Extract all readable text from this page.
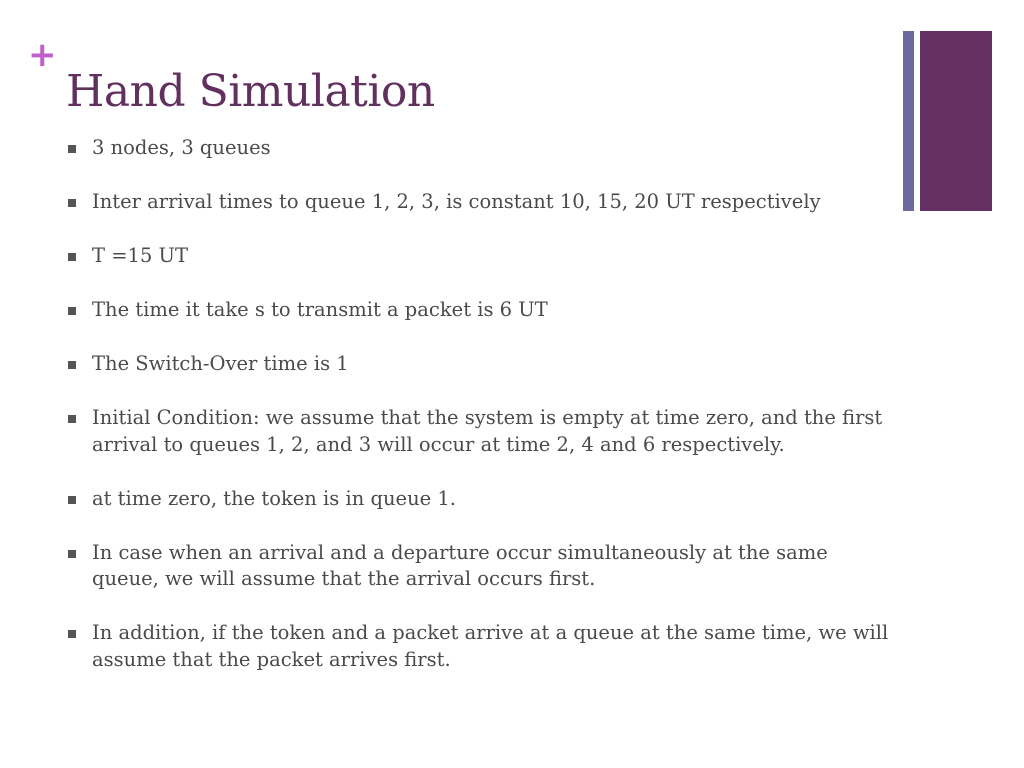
+
Hand Simulation
3 nodes, 3 queues
Inter arrival times to queue 1, 2, 3, is constant 10, 15, 20 UT respectively
T =15 UT
The time it take s to transmit a packet is 6 UT
The Switch-Over time is 1
Initial Condition: we assume that the system is empty at time zero, and the first arrival to queues 1, 2, and 3 will occur at time 2, 4 and 6 respectively.
at time zero, the token is in queue 1.
In case when an arrival and a departure occur simultaneously at the same queue, we will assume that the arrival occurs first.
In addition, if the token and a packet arrive at a queue at the same time, we will assume that the packet arrives first.
